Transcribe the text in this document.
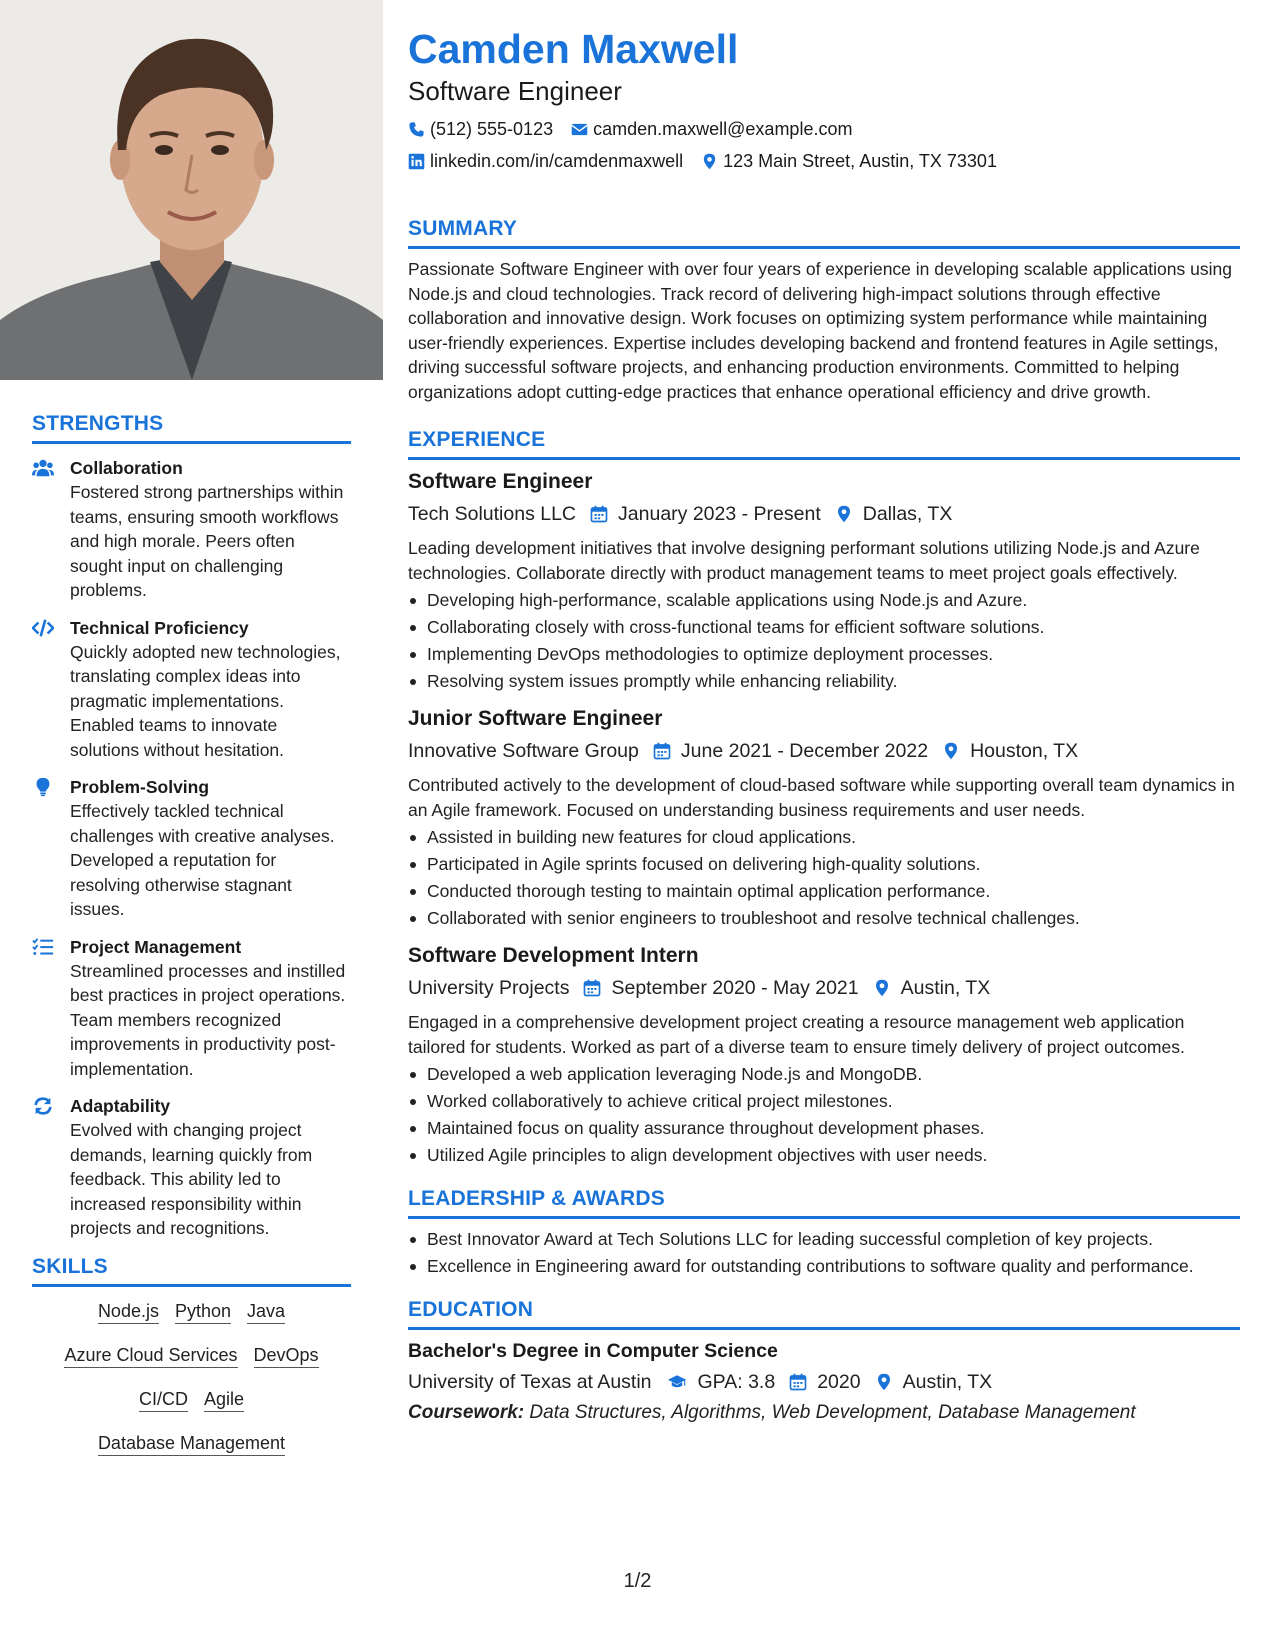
STRENGTHS
Collaboration
Fostered strong partnerships within teams, ensuring smooth workflows and high morale. Peers often sought input on challenging problems.
Technical Proficiency
Quickly adopted new technologies, translating complex ideas into pragmatic implementations. Enabled teams to innovate solutions without hesitation.
Problem-Solving
Effectively tackled technical challenges with creative analyses. Developed a reputation for resolving otherwise stagnant issues.
Project Management
Streamlined processes and instilled best practices in project operations. Team members recognized improvements in productivity post-implementation.
Adaptability
Evolved with changing project demands, learning quickly from feedback. This ability led to increased responsibility within projects and recognitions.
SKILLS
Node.js Python Java
Azure Cloud Services DevOps
CI/CD Agile
Database Management
Camden Maxwell
Software Engineer
(512) 555-0123 camden.maxwell@example.com
linkedin.com/in/camdenmaxwell 123 Main Street, Austin, TX 73301
SUMMARY
Passionate Software Engineer with over four years of experience in developing scalable applications using Node.js and cloud technologies. Track record of delivering high-impact solutions through effective collaboration and innovative design. Work focuses on optimizing system performance while maintaining user-friendly experiences. Expertise includes developing backend and frontend features in Agile settings, driving successful software projects, and enhancing production environments. Committed to helping organizations adopt cutting-edge practices that enhance operational efficiency and drive growth.
EXPERIENCE
Software Engineer
Tech Solutions LLC January 2023 - Present Dallas, TX
Leading development initiatives that involve designing performant solutions utilizing Node.js and Azure technologies. Collaborate directly with product management teams to meet project goals effectively.
Developing high-performance, scalable applications using Node.js and Azure.
Collaborating closely with cross-functional teams for efficient software solutions.
Implementing DevOps methodologies to optimize deployment processes.
Resolving system issues promptly while enhancing reliability.
Junior Software Engineer
Innovative Software Group June 2021 - December 2022 Houston, TX
Contributed actively to the development of cloud-based software while supporting overall team dynamics in an Agile framework. Focused on understanding business requirements and user needs.
Assisted in building new features for cloud applications.
Participated in Agile sprints focused on delivering high-quality solutions.
Conducted thorough testing to maintain optimal application performance.
Collaborated with senior engineers to troubleshoot and resolve technical challenges.
Software Development Intern
University Projects September 2020 - May 2021 Austin, TX
Engaged in a comprehensive development project creating a resource management web application tailored for students. Worked as part of a diverse team to ensure timely delivery of project outcomes.
Developed a web application leveraging Node.js and MongoDB.
Worked collaboratively to achieve critical project milestones.
Maintained focus on quality assurance throughout development phases.
Utilized Agile principles to align development objectives with user needs.
LEADERSHIP & AWARDS
Best Innovator Award at Tech Solutions LLC for leading successful completion of key projects.
Excellence in Engineering award for outstanding contributions to software quality and performance.
EDUCATION
Bachelor's Degree in Computer Science
University of Texas at Austin GPA: 3.8 2020 Austin, TX
Coursework: Data Structures, Algorithms, Web Development, Database Management
1/2
